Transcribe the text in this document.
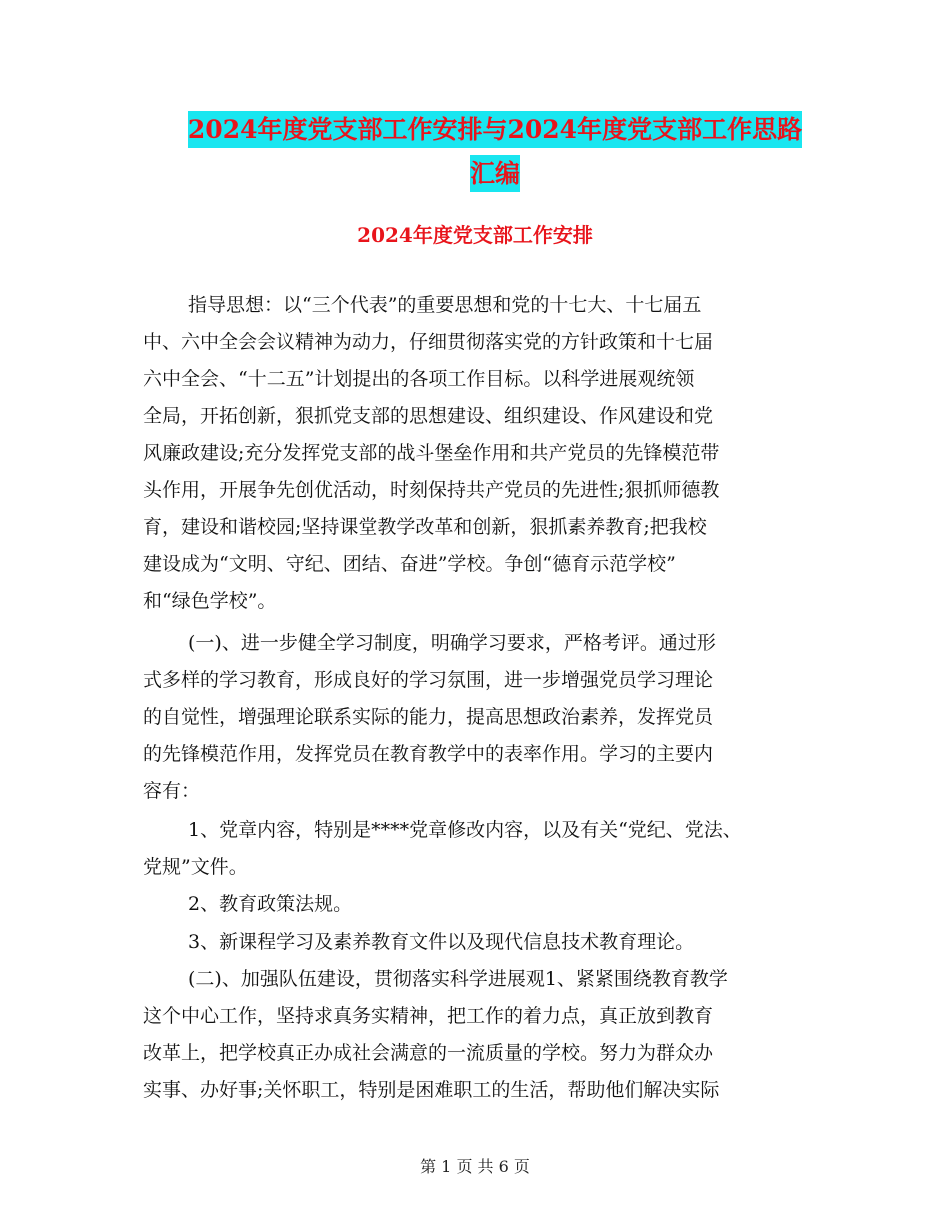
2024年度党支部工作安排与2024年度党支部工作思路
汇编
2024年度党支部工作安排

指导思想：以“三个代表”的重要思想和党的十七大、十七届五
中、六中全会会议精神为动力，仔细贯彻落实党的方针政策和十七届
六中全会、“十二五”计划提出的各项工作目标。以科学进展观统领
全局，开拓创新，狠抓党支部的思想建设、组织建设、作风建设和党
风廉政建设;充分发挥党支部的战斗堡垒作用和共产党员的先锋模范带
头作用，开展争先创优活动，时刻保持共产党员的先进性;狠抓师德教
育，建设和谐校园;坚持课堂教学改革和创新，狠抓素养教育;把我校
建设成为“文明、守纪、团结、奋进”学校。争创“德育示范学校”
和“绿色学校”。

(一)、进一步健全学习制度，明确学习要求，严格考评。通过形
式多样的学习教育，形成良好的学习氛围，进一步增强党员学习理论
的自觉性，增强理论联系实际的能力，提高思想政治素养，发挥党员
的先锋模范作用，发挥党员在教育教学中的表率作用。学习的主要内
容有：

1、党章内容，特别是****党章修改内容，以及有关“党纪、党法、
党规”文件。

2、教育政策法规。

3、新课程学习及素养教育文件以及现代信息技术教育理论。

(二)、加强队伍建设，贯彻落实科学进展观1、紧紧围绕教育教学
这个中心工作，坚持求真务实精神，把工作的着力点，真正放到教育
改革上，把学校真正办成社会满意的一流质量的学校。努力为群众办
实事、办好事;关怀职工，特别是困难职工的生活，帮助他们解决实际

第 1 页 共 6 页
